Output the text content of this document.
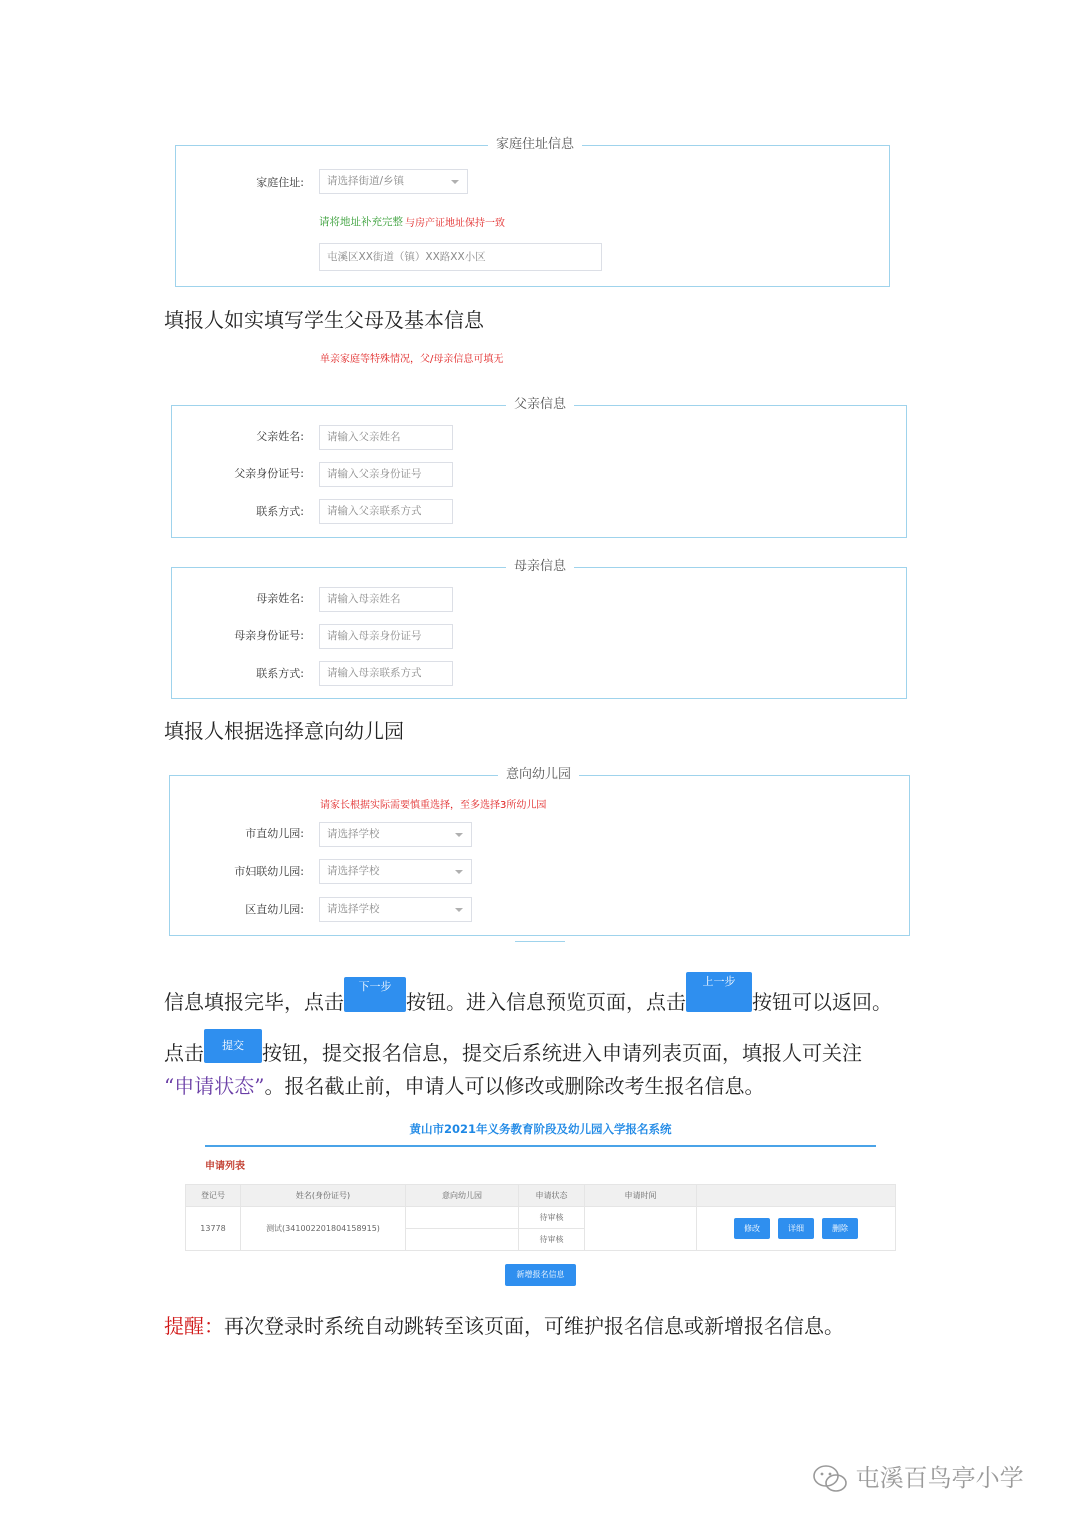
家庭住址信息
家庭住址:	请选择街道/乡镇
请将地址补充完整 与房产证地址保持一致
屯溪区XX街道（镇）XX路XX小区
填报人如实填写学生父母及基本信息
单亲家庭等特殊情况，父/母亲信息可填无
父亲信息
父亲姓名:	请输入父亲姓名
父亲身份证号:	请输入父亲身份证号
联系方式:	请输入父亲联系方式
母亲信息
母亲姓名:	请输入母亲姓名
母亲身份证号:	请输入母亲身份证号
联系方式:	请输入母亲联系方式
填报人根据选择意向幼儿园
意向幼儿园
请家长根据实际需要慎重选择，至多选择3所幼儿园
市直幼儿园:	请选择学校
市妇联幼儿园:	请选择学校
区直幼儿园:	请选择学校
信息填报完毕，点击下一步按钮。进入信息预览页面，点击上一步按钮可以返回。
点击 提交 按钮，提交报名信息，提交后系统进入申请列表页面，填报人可关注
“申请状态”。报名截止前，申请人可以修改或删除改考生报名信息。
黄山市2021年义务教育阶段及幼儿园入学报名系统
申请列表
登记号	姓名(身份证号)	意向幼儿园	申请状态	申请时间	
13778	测试(341002201804158915)		待审核		修改 详细 删除
			待审核		
新增报名信息
提醒：再次登录时系统自动跳转至该页面，可维护报名信息或新增报名信息。
屯溪百鸟亭小学
